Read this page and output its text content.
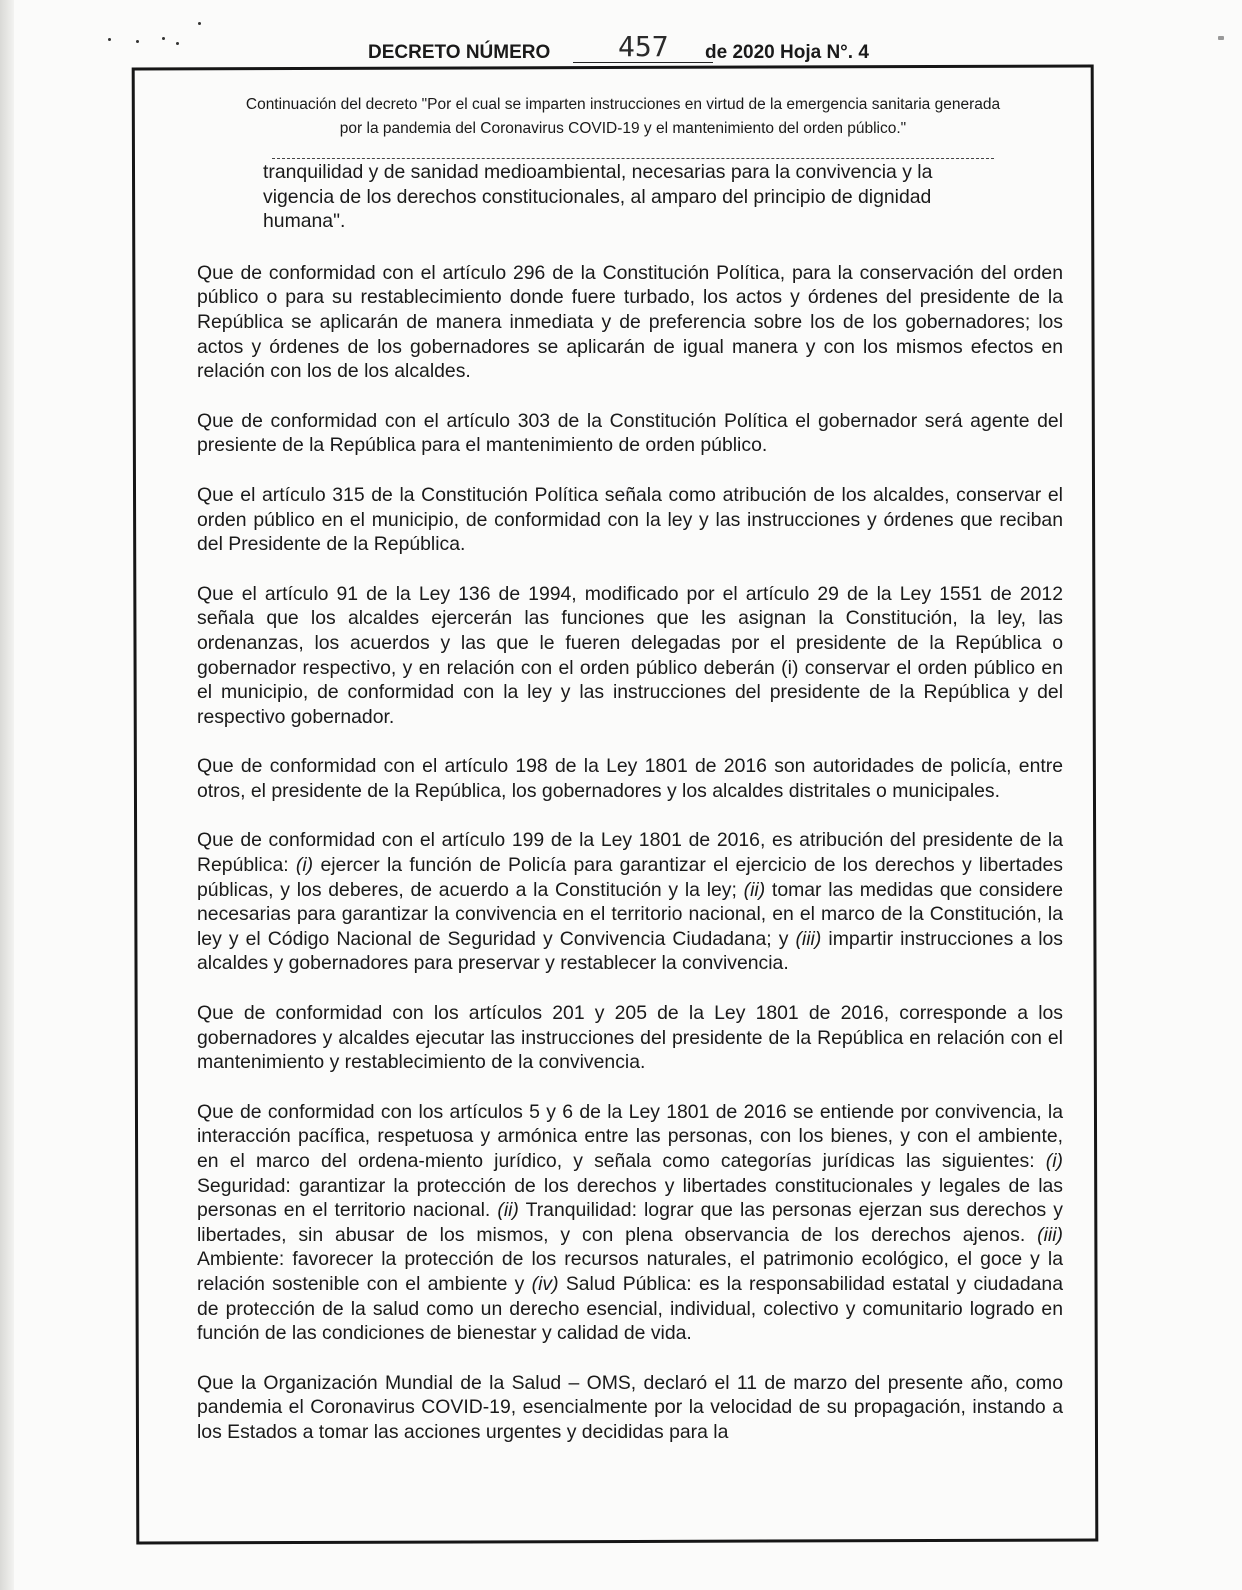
DECRETO NÚMERO 457 de 2020 Hoja N°. 4
Continuación del decreto "Por el cual se imparten instrucciones en virtud de la emergencia sanitaria generada
por la pandemia del Coronavirus COVID-19 y el mantenimiento del orden público."

tranquilidad y de sanidad medioambiental, necesarias para la convivencia y la vigencia de los derechos constitucionales, al amparo del principio de dignidad humana".

Que de conformidad con el artículo 296 de la Constitución Política, para la conservación del orden público o para su restablecimiento donde fuere turbado, los actos y órdenes del presidente de la República se aplicarán de manera inmediata y de preferencia sobre los de los gobernadores; los actos y órdenes de los gobernadores se aplicarán de igual manera y con los mismos efectos en relación con los de los alcaldes.

Que de conformidad con el artículo 303 de la Constitución Política el gobernador será agente del presiente de la República para el mantenimiento de orden público.

Que el artículo 315 de la Constitución Política señala como atribución de los alcaldes, conservar el orden público en el municipio, de conformidad con la ley y las instrucciones y órdenes que reciban del Presidente de la República.

Que el artículo 91 de la Ley 136 de 1994, modificado por el artículo 29 de la Ley 1551 de 2012 señala que los alcaldes ejercerán las funciones que les asignan la Constitución, la ley, las ordenanzas, los acuerdos y las que le fueren delegadas por el presidente de la República o gobernador respectivo, y en relación con el orden público deberán (i) conservar el orden público en el municipio, de conformidad con la ley y las instrucciones del presidente de la República y del respectivo gobernador.

Que de conformidad con el artículo 198 de la Ley 1801 de 2016 son autoridades de policía, entre otros, el presidente de la República, los gobernadores y los alcaldes distritales o municipales.

Que de conformidad con el artículo 199 de la Ley 1801 de 2016, es atribución del presidente de la República: (i) ejercer la función de Policía para garantizar el ejercicio de los derechos y libertades públicas, y los deberes, de acuerdo a la Constitución y la ley; (ii) tomar las medidas que considere necesarias para garantizar la convivencia en el territorio nacional, en el marco de la Constitución, la ley y el Código Nacional de Seguridad y Convivencia Ciudadana; y (iii) impartir instrucciones a los alcaldes y gobernadores para preservar y restablecer la convivencia.

Que de conformidad con los artículos 201 y 205 de la Ley 1801 de 2016, corresponde a los gobernadores y alcaldes ejecutar las instrucciones del presidente de la República en relación con el mantenimiento y restablecimiento de la convivencia.

Que de conformidad con los artículos 5 y 6 de la Ley 1801 de 2016 se entiende por convivencia, la interacción pacífica, respetuosa y armónica entre las personas, con los bienes, y con el ambiente, en el marco del ordena-miento jurídico, y señala como categorías jurídicas las siguientes: (i) Seguridad: garantizar la protección de los derechos y libertades constitucionales y legales de las personas en el territorio nacional. (ii) Tranquilidad: lograr que las personas ejerzan sus derechos y libertades, sin abusar de los mismos, y con plena observancia de los derechos ajenos. (iii) Ambiente: favorecer la protección de los recursos naturales, el patrimonio ecológico, el goce y la relación sostenible con el ambiente y (iv) Salud Pública: es la responsabilidad estatal y ciudadana de protección de la salud como un derecho esencial, individual, colectivo y comunitario logrado en función de las condiciones de bienestar y calidad de vida.

Que la Organización Mundial de la Salud – OMS, declaró el 11 de marzo del presente año, como pandemia el Coronavirus COVID-19, esencialmente por la velocidad de su propagación, instando a los Estados a tomar las acciones urgentes y decididas para la
